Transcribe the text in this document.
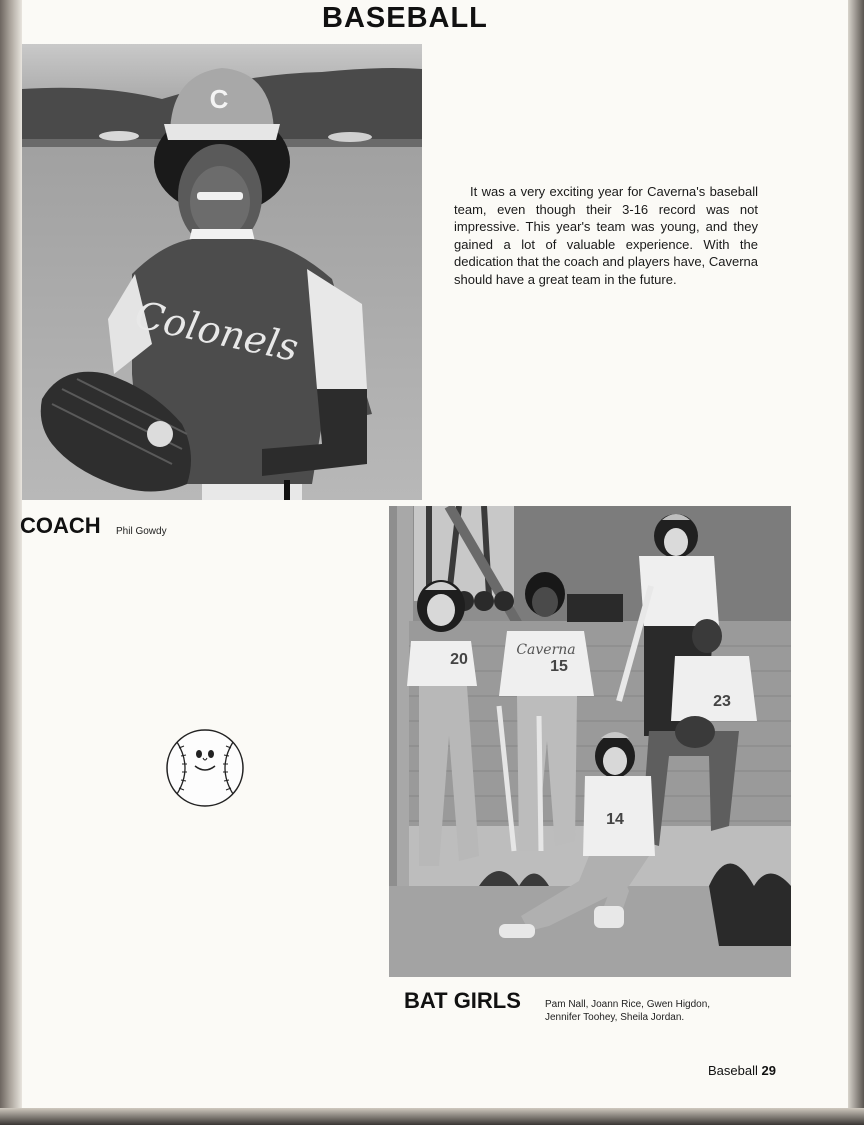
BASEBALL
C
Colonels
It was a very exciting year for Caverna's baseball team, even though their 3-16 record was not impressive. This year's team was young, and they gained a lot of valuable experience. With the dedication that the coach and players have, Caverna should have a great team in the future.
COACH Phil Gowdy
20
Caverna
15
23
14
BAT GIRLS Pam Nall, Joann Rice, Gwen Higdon, Jennifer Toohey, Sheila Jordan.
Baseball 29
